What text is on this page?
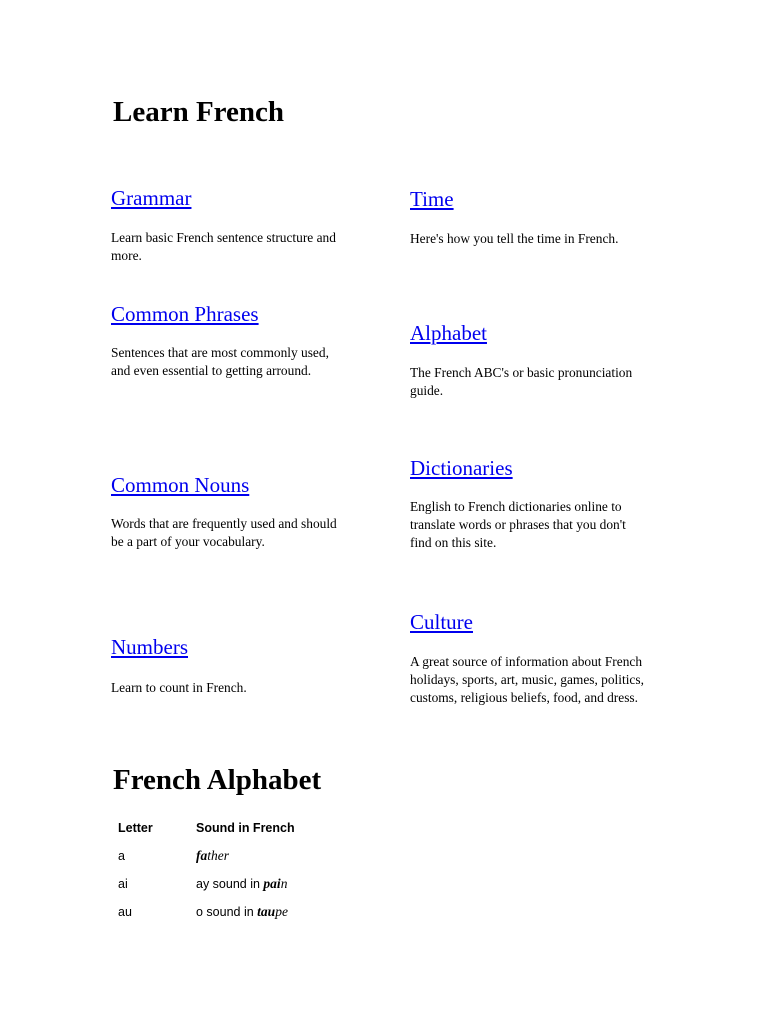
Learn French
Grammar

Learn basic French sentence structure and more.

Common Phrases

Sentences that are most commonly used, and even essential to getting arround.

Common Nouns

Words that are frequently used and should be a part of your vocabulary.

Numbers

Learn to count in French.

Time

Here's how you tell the time in French.

Alphabet

The French ABC's or basic pronunciation guide.

Dictionaries

English to French dictionaries online to translate words or phrases that you don't find on this site.

Culture

A great source of information about French holidays, sports, art, music, games, politics, customs, religious beliefs, food, and dress.

French Alphabet
Letter	Sound in French
a	father
ai	ay sound in pain
au	o sound in taupe
